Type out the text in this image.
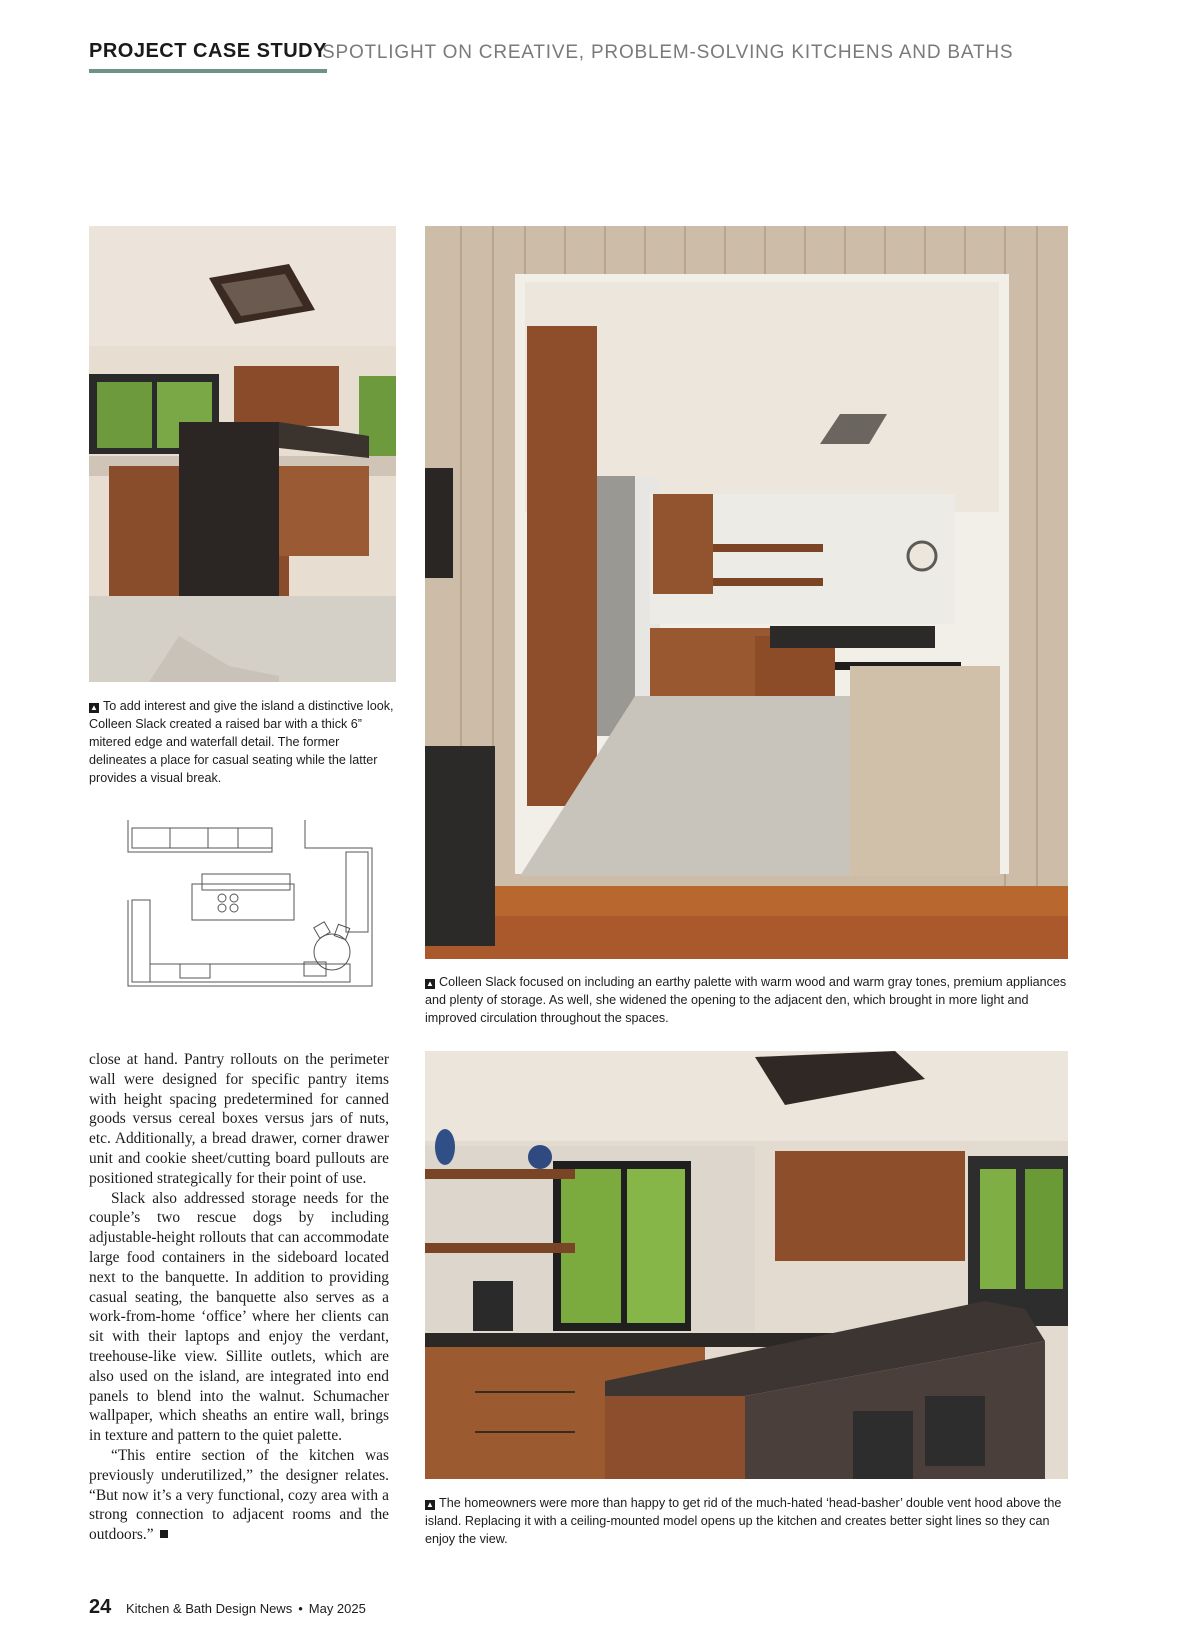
PROJECT CASE STUDY
SPOTLIGHT ON CREATIVE, PROBLEM-SOLVING KITCHENS AND BATHS
▲ To add interest and give the island a distinctive look, Colleen Slack created a raised bar with a thick 6” mitered edge and waterfall detail. The former delineates a place for casual seating while the latter provides a visual break.
▲ Colleen Slack focused on including an earthy palette with warm wood and warm gray tones, premium appliances and plenty of storage. As well, she widened the opening to the adjacent den, which brought in more light and improved circulation throughout the spaces.
▲ The homeowners were more than happy to get rid of the much-hated ‘head-basher’ double vent hood above the island. Replacing it with a ceiling-mounted model opens up the kitchen and creates better sight lines so they can enjoy the view.

close at hand. Pantry rollouts on the perimeter wall were designed for specific pantry items with height spacing predetermined for canned goods versus cereal boxes versus jars of nuts, etc. Additionally, a bread drawer, corner drawer unit and cookie sheet/cutting board pullouts are positioned strategically for their point of use.

Slack also addressed storage needs for the couple’s two rescue dogs by including adjustable-height rollouts that can accommodate large food containers in the sideboard located next to the banquette. In addition to providing casual seating, the banquette also serves as a work-from-home ‘office’ where her clients can sit with their laptops and enjoy the verdant, treehouse-like view. Sillite outlets, which are also used on the island, are integrated into end panels to blend into the walnut. Schumacher wallpaper, which sheaths an entire wall, brings in texture and pattern to the quiet palette.

“This entire section of the kitchen was previously underutilized,” the designer relates. “But now it’s a very functional, cozy area with a strong connection to adjacent rooms and the outdoors.”

24 Kitchen & Bath Design News • May 2025
